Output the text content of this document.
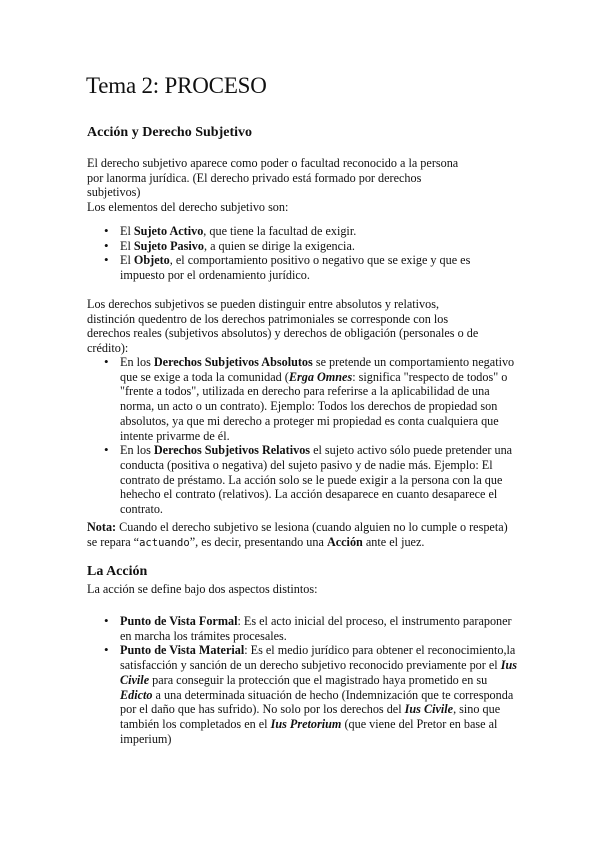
Tema 2: PROCESO
Acción y Derecho Subjetivo

El derecho subjetivo aparece como poder o facultad reconocido a la persona

por lanorma jurídica. (El derecho privado está formado por derechos

subjetivos)

Los elementos del derecho subjetivo son:

• El Sujeto Activo, que tiene la facultad de exigir.
• El Sujeto Pasivo, a quien se dirige la exigencia.
• El Objeto, el comportamiento positivo o negativo que se exige y que es impuesto por el ordenamiento jurídico.

Los derechos subjetivos se pueden distinguir entre absolutos y relativos,

distinción quedentro de los derechos patrimoniales se corresponde con los

derechos reales (subjetivos absolutos) y derechos de obligación (personales o de

crédito):

• En los Derechos Subjetivos Absolutos se pretende un comportamiento negativo que se exige a toda la comunidad (Erga Omnes: significa "respecto de todos" o "frente a todos", utilizada en derecho para referirse a la aplicabilidad de una norma, un acto o un contrato). Ejemplo: Todos los derechos de propiedad son absolutos, ya que mi derecho a proteger mi propiedad es conta cualquiera que intente privarme de él.
• En los Derechos Subjetivos Relativos el sujeto activo sólo puede pretender una conducta (positiva o negativa) del sujeto pasivo y de nadie más. Ejemplo: El contrato de préstamo. La acción solo se le puede exigir a la persona con la que hehecho el contrato (relativos). La acción desaparece en cuanto desaparece el contrato.

Nota: Cuando el derecho subjetivo se lesiona (cuando alguien no lo cumple o respeta)

se repara “actuando”, es decir, presentando una Acción ante el juez.

La Acción
La acción se define bajo dos aspectos distintos:
• Punto de Vista Formal: Es el acto inicial del proceso, el instrumento paraponer en marcha los trámites procesales.
• Punto de Vista Material: Es el medio jurídico para obtener el reconocimiento,la satisfacción y sanción de un derecho subjetivo reconocido previamente por el Ius Civile para conseguir la protección que el magistrado haya prometido en su Edicto a una determinada situación de hecho (Indemnización que te corresponda por el daño que has sufrido). No solo por los derechos del Ius Civile, sino que también los completados en el Ius Pretorium (que viene del Pretor en base al imperium)
